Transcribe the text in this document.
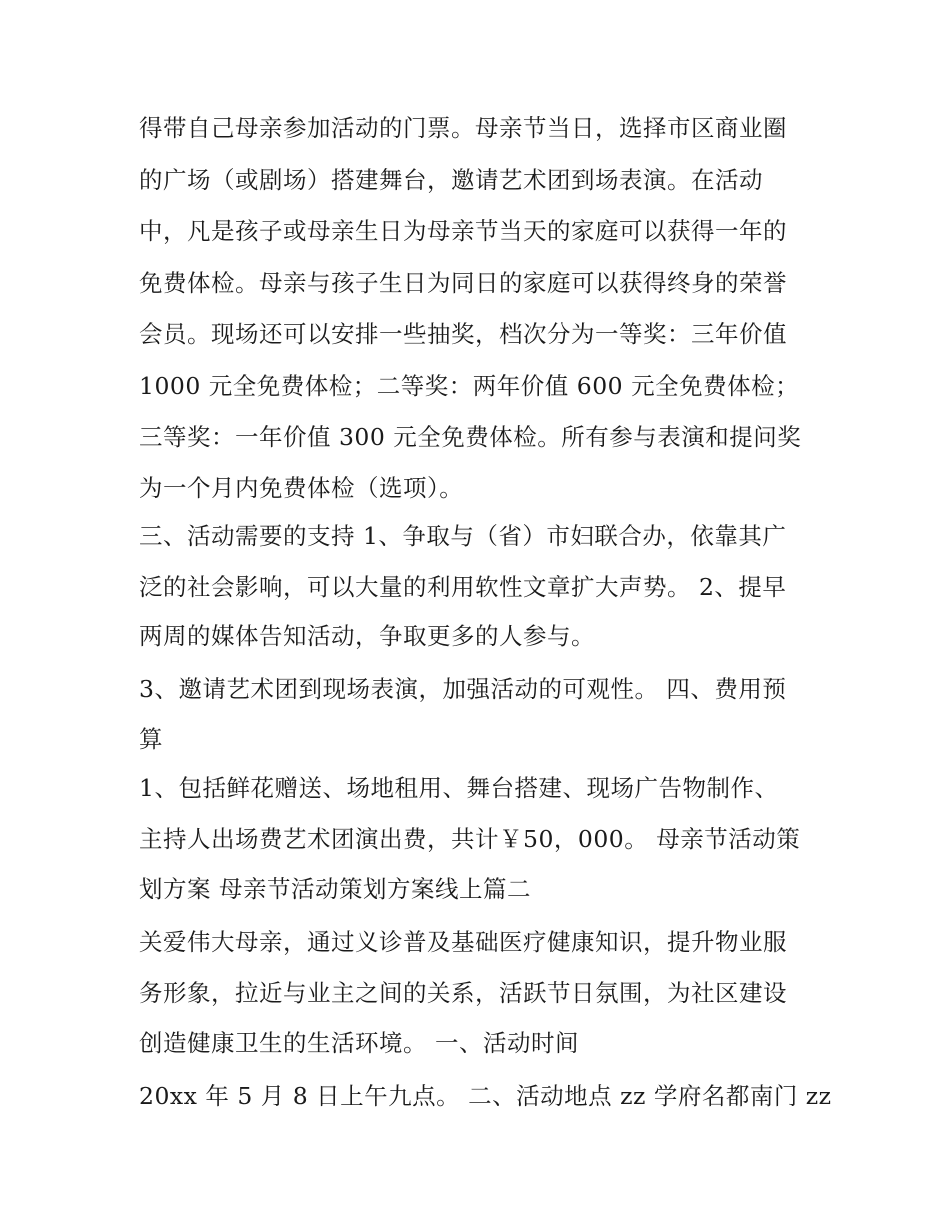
得带自己母亲参加活动的门票。母亲节当日，选择市区商业圈
的广场（或剧场）搭建舞台，邀请艺术团到场表演。在活动
中，凡是孩子或母亲生日为母亲节当天的家庭可以获得一年的
免费体检。母亲与孩子生日为同日的家庭可以获得终身的荣誉
会员。现场还可以安排一些抽奖，档次分为一等奖：三年价值
1000 元全免费体检；二等奖：两年价值 600 元全免费体检；
三等奖：一年价值 300 元全免费体检。所有参与表演和提问奖
为一个月内免费体检（选项）。
三、活动需要的支持 1、争取与（省）市妇联合办，依靠其广
泛的社会影响，可以大量的利用软性文章扩大声势。 2、提早
两周的媒体告知活动，争取更多的人参与。
3、邀请艺术团到现场表演，加强活动的可观性。 四、费用预
算
1、包括鲜花赠送、场地租用、舞台搭建、现场广告物制作、
主持人出场费艺术团演出费，共计￥50，000。 母亲节活动策
划方案 母亲节活动策划方案线上篇二
关爱伟大母亲，通过义诊普及基础医疗健康知识，提升物业服
务形象，拉近与业主之间的关系，活跃节日氛围，为社区建设
创造健康卫生的生活环境。 一、活动时间
20xx 年 5 月 8 日上午九点。 二、活动地点 zz 学府名都南门 zz
